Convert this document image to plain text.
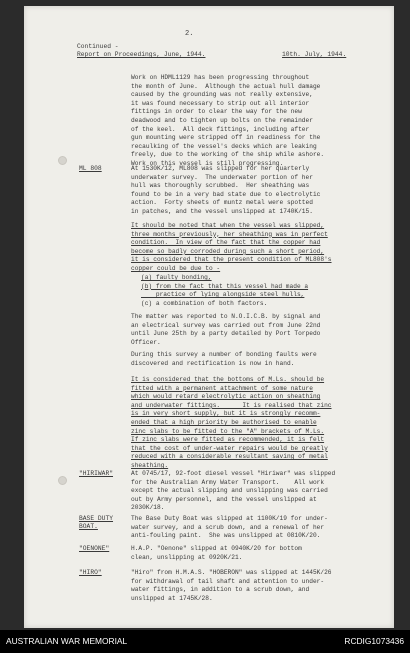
2.
Continued -
Report on Proceedings, June, 1944.	10th. July, 1944.
Work on HDML1129 has been progressing throughout
the month of June.  Although the actual hull damage
caused by the grounding was not really extensive,
it was found necessary to strip out all interior
fittings in order to clear the way for the new
deadwood and to tighten up bolts on the remainder
of the keel.  All deck fittings, including after
gun mounting were stripped off in readiness for the
recaulking of the vessel's decks which are leaking
freely, due to the working of the ship while ashore.
Work on this vessel is still progressing.
ML 808	At 1530K/12, ML808 was slipped for her quarterly
underwater survey.  The underwater portion of her
hull was thoroughly scrubbed.  Her sheathing was
found to be in a very bad state due to electrolytic
action.  Forty sheets of muntz metal were spotted
in patches, and the vessel unslipped at 1740K/15.
It should be noted that when the vessel was slipped,
three months previously, her sheathing was in perfect
condition.  In view of the fact that the copper had
become so badly corroded during such a short period,
it is considered that the present condition of ML808's
copper could be due to -
(a) faulty bonding,
(b) from the fact that this vessel had made a
practice of lying alongside steel hulls,
(c) a combination of both factors.
The matter was reported to N.O.I.C.B. by signal and
an electrical survey was carried out from June 22nd
until June 25th by a party detailed by Port Torpedo
Officer.
During this survey a number of bonding faults were
discovered and rectification is now in hand.
It is considered that the bottoms of M.Ls. should be
fitted with a permanent attachment of some nature
which would retard electrolytic action on sheathing
and underwater fittings.      It is realised that zinc
is in very short supply, but it is strongly recomm-
ended that a high priority be authorised to enable
zinc slabs to be fitted to the "A" brackets of M.Ls.
If zinc slabs were fitted as recommended, it is felt
that the cost of under-water repairs would be greatly
reduced with a considerable resultant saving of metal
sheathing.
"HIRIWAR"	At 0745/17, 92-foot diesel vessel "Hiriwar" was slipped
for the Australian Army Water Transport.    All work
except the actual slipping and unslipping was carried
out by Army personnel, and the vessel unslipped at
2030K/18.
BASE DUTY
BOAT.
The Base Duty Boat was slipped at 1100K/19 for under-
water survey, and a scrub down, and a renewal of her
anti-fouling paint.  She was unslipped at 0810K/20.
"OENONE"	H.A.P. "Oenone" slipped at 0940K/20 for bottom
clean, unslipping at 0920K/21.
"HIRO"	"Hiro" from H.M.A.S. "HOBERON" was slipped at 1445K/26
for withdrawal of tail shaft and attention to under-
water fittings, in addition to a scrub down, and
unslipped at 1745K/28.
AUSTRALIAN WAR MEMORIAL	RCDIG1073436
